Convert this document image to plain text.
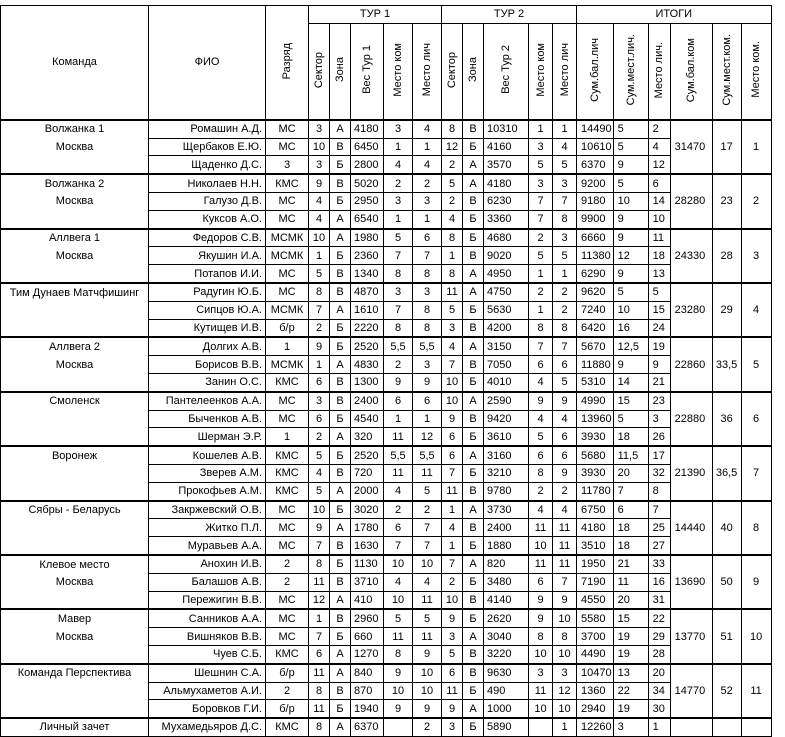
Команда	ФИО	Разряд	ТУР 1					ТУР 2					ИТОГИ					
			Сектор	Зона	Вес Тур 1	Место ком	Место лич	Сектор	Зона	Вес Тур 2	Место ком	Место лич	Сум.бал.лич	Сум.мест.лич.	Место лич.	Сум.бал.ком	Сум.мест.ком.	Место ком.
Волжанка 1	Ромашин А.Д.	МС	3	А	4180	3	4	8	В	10310	1	1	14490	5	2	31470	17	1
Москва	Щербаков Е.Ю.	МС	10	В	6450	1	1	12	Б	4160	3	4	10610	5	4			
	Щаденко Д.С.	3	3	Б	2800	4	4	2	А	3570	5	5	6370	9	12			
Волжанка 2	Николаев Н.Н.	КМС	9	В	5020	2	2	5	А	4180	3	3	9200	5	6	28280	23	2
Москва	Галузо Д.В.	МС	4	Б	2950	3	3	2	В	6230	7	7	9180	10	14			
	Куксов А.О.	МС	4	А	6540	1	1	4	Б	3360	7	8	9900	9	10			
Аллвега 1	Федоров С.В.	МСМК	10	А	1980	5	6	8	Б	4680	2	3	6660	9	11	24330	28	3
Москва	Якушин И.А.	МСМК	1	Б	2360	7	7	1	В	9020	5	5	11380	12	18			
	Потапов И.И.	МС	5	В	1340	8	8	8	А	4950	1	1	6290	9	13			
Тим Дунаев Матчфишинг	Радугин Ю.Б.	МС	8	В	4870	3	3	11	А	4750	2	2	9620	5	5	23280	29	4
	Сипцов Ю.А.	МСМК	7	А	1610	7	8	5	Б	5630	1	2	7240	10	15			
	Кутищев И.В.	б/р	2	Б	2220	8	8	3	В	4200	8	8	6420	16	24			
Аллвега 2	Долгих А.В.	1	9	Б	2520	5,5	5,5	4	А	3150	7	7	5670	12,5	19	22860	33,5	5
Москва	Борисов В.В.	МСМК	1	А	4830	2	3	7	В	7050	6	6	11880	9	9			
	Занин О.С.	КМС	6	В	1300	9	9	10	Б	4010	4	5	5310	14	21			
Смоленск	Пантелеенков А.А.	МС	3	В	2400	6	6	10	А	2590	9	9	4990	15	23	22880	36	6
	Быченков А.В.	МС	6	Б	4540	1	1	9	В	9420	4	4	13960	5	3			
	Шерман Э.Р.	1	2	А	320	11	12	6	Б	3610	5	6	3930	18	26			
Воронеж	Кошелев А.В.	КМС	5	Б	2520	5,5	5,5	6	А	3160	6	6	5680	11,5	17	21390	36,5	7
	Зверев А.М.	КМС	4	В	720	11	11	7	Б	3210	8	9	3930	20	32			
	Прокофьев А.М.	КМС	5	А	2000	4	5	11	В	9780	2	2	11780	7	8			
Сябры - Беларусь	Закржевский О.В.	МС	10	Б	3020	2	2	1	А	3730	4	4	6750	6	7	14440	40	8
	Житко П.Л.	МС	9	А	1780	6	7	4	В	2400	11	11	4180	18	25			
	Муравьев А.А.	МС	7	В	1630	7	7	1	Б	1880	10	11	3510	18	27			
Клевое место	Анохин И.В.	2	8	Б	1130	10	10	7	А	820	11	11	1950	21	33	13690	50	9
Москва	Балашов А.В.	2	11	В	3710	4	4	2	Б	3480	6	7	7190	11	16			
	Пережигин В.В.	МС	12	А	410	10	11	10	В	4140	9	9	4550	20	31			
Мавер	Санников А.А.	МС	1	В	2960	5	5	9	Б	2620	9	10	5580	15	22	13770	51	10
Москва	Вишняков В.В.	МС	7	Б	660	11	11	3	А	3040	8	8	3700	19	29			
	Чуев С.Б.	КМС	6	А	1270	8	9	5	В	3220	10	10	4490	19	28			
Команда Перспектива	Шешнин С.А.	б/р	11	А	840	9	10	6	В	9630	3	3	10470	13	20	14770	52	11
	Альмухаметов А.И.	2	8	В	870	10	10	11	Б	490	11	12	1360	22	34			
	Боровков Г.И.	б/р	11	Б	1940	9	9	9	А	1000	10	10	2940	19	30			
Личный зачет	Мухамедьяров Д.С.	КМС	8	А	6370		2	3	Б	5890		1	12260	3	1			
